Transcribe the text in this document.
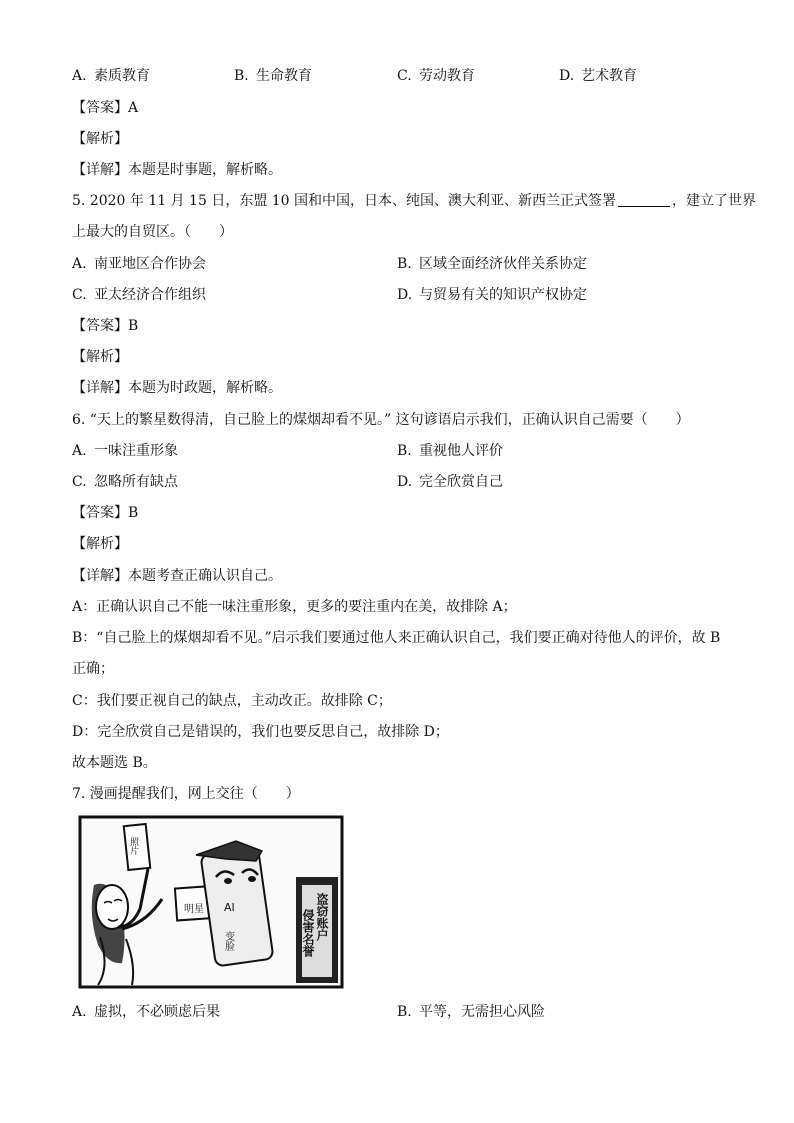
A. 素质教育	B. 生命教育	C. 劳动教育	D. 艺术教育
【答案】A
【解析】
【详解】本题是时事题，解析略。
5. 2020 年 11 月 15 日，东盟 10 国和中国，日本、纯国、澳大利亚、新西兰正式签署	，建立了世界
上最大的自贸区。（　　）
A. 南亚地区合作协会	B. 区域全面经济伙伴关系协定
C. 亚太经济合作组织	D. 与贸易有关的知识产权协定
【答案】B
【解析】
【详解】本题为时政题，解析略。
6. “天上的繁星数得清，自己脸上的煤烟却看不见。” 这句谚语启示我们，正确认识自己需要（　　）
A. 一味注重形象	B. 重视他人评价
C. 忽略所有缺点	D. 完全欣赏自己
【答案】B
【解析】
【详解】本题考查正确认识自己。
A：正确认识自己不能一味注重形象，更多的要注重内在美，故排除 A；
B：“自己脸上的煤烟却看不见。”启示我们要通过他人来正确认识自己，我们要正确对待他人的评价，故 B
正确；
C：我们要正视自己的缺点，主动改正。故排除 C；
D：完全欣赏自己是错误的，我们也要反思自己，故排除 D；
故本题选 B。
7. 漫画提醒我们，网上交往（　　）
盗窃账户
侵害名誉
照片
明星 AI
变脸
A. 虚拟，不必顾虑后果	B. 平等，无需担心风险
